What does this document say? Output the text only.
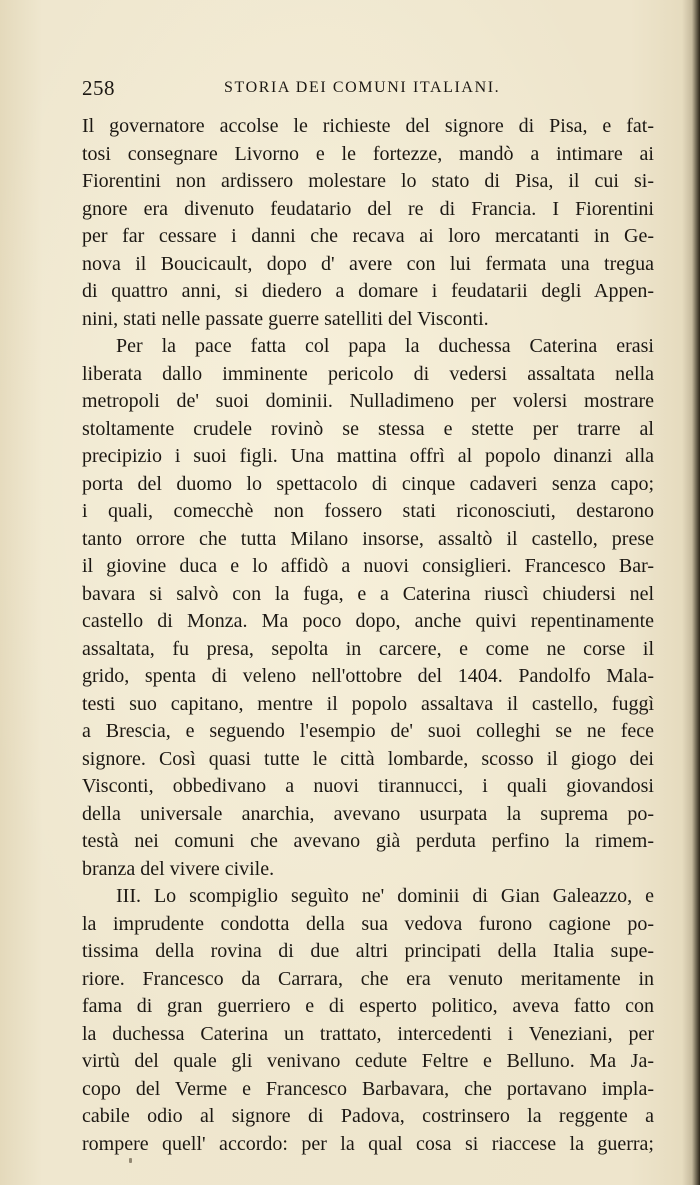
258	STORIA DEI COMUNI ITALIANI.
Il governatore accolse le richieste del signore di Pisa, e fat-
tosi consegnare Livorno e le fortezze, mandò a intimare ai
Fiorentini non ardissero molestare lo stato di Pisa, il cui si-
gnore era divenuto feudatario del re di Francia. I Fiorentini
per far cessare i danni che recava ai loro mercatanti in Ge-
nova il Boucicault, dopo d' avere con lui fermata una tregua
di quattro anni, si diedero a domare i feudatarii degli Appen-
nini, stati nelle passate guerre satelliti del Visconti.
Per la pace fatta col papa la duchessa Caterina erasi
liberata dallo imminente pericolo di vedersi assaltata nella
metropoli de' suoi dominii. Nulladimeno per volersi mostrare
stoltamente crudele rovinò se stessa e stette per trarre al
precipizio i suoi figli. Una mattina offrì al popolo dinanzi alla
porta del duomo lo spettacolo di cinque cadaveri senza capo;
i quali, comecchè non fossero stati riconosciuti, destarono
tanto orrore che tutta Milano insorse, assaltò il castello, prese
il giovine duca e lo affidò a nuovi consiglieri. Francesco Bar-
bavara si salvò con la fuga, e a Caterina riuscì chiudersi nel
castello di Monza. Ma poco dopo, anche quivi repentinamente
assaltata, fu presa, sepolta in carcere, e come ne corse il
grido, spenta di veleno nell'ottobre del 1404. Pandolfo Mala-
testi suo capitano, mentre il popolo assaltava il castello, fuggì
a Brescia, e seguendo l'esempio de' suoi colleghi se ne fece
signore. Così quasi tutte le città lombarde, scosso il giogo dei
Visconti, obbedivano a nuovi tirannucci, i quali giovandosi
della universale anarchia, avevano usurpata la suprema po-
testà nei comuni che avevano già perduta perfino la rimem-
branza del vivere civile.
III. Lo scompiglio seguìto ne' dominii di Gian Galeazzo, e
la imprudente condotta della sua vedova furono cagione po-
tissima della rovina di due altri principati della Italia supe-
riore. Francesco da Carrara, che era venuto meritamente in
fama di gran guerriero e di esperto politico, aveva fatto con
la duchessa Caterina un trattato, intercedenti i Veneziani, per
virtù del quale gli venivano cedute Feltre e Belluno. Ma Ja-
copo del Verme e Francesco Barbavara, che portavano impla-
cabile odio al signore di Padova, costrinsero la reggente a
rompere quell' accordo: per la qual cosa si riaccese la guerra;
